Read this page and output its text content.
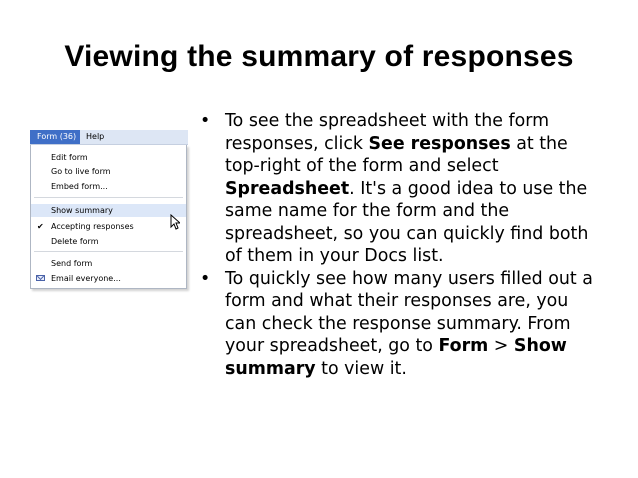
Viewing the summary of responses
Form (36)	Help
Edit form
Go to live form
Embed form...
Show summary
✔ Accepting responses
Delete form
Send form
Email everyone...
• To see the spreadsheet with the form responses, click See responses at the top-right of the form and select Spreadsheet. It's a good idea to use the same name for the form and the spreadsheet, so you can quickly find both of them in your Docs list.
• To quickly see how many users filled out a form and what their responses are, you can check the response summary. From your spreadsheet, go to Form > Show summary to view it.
